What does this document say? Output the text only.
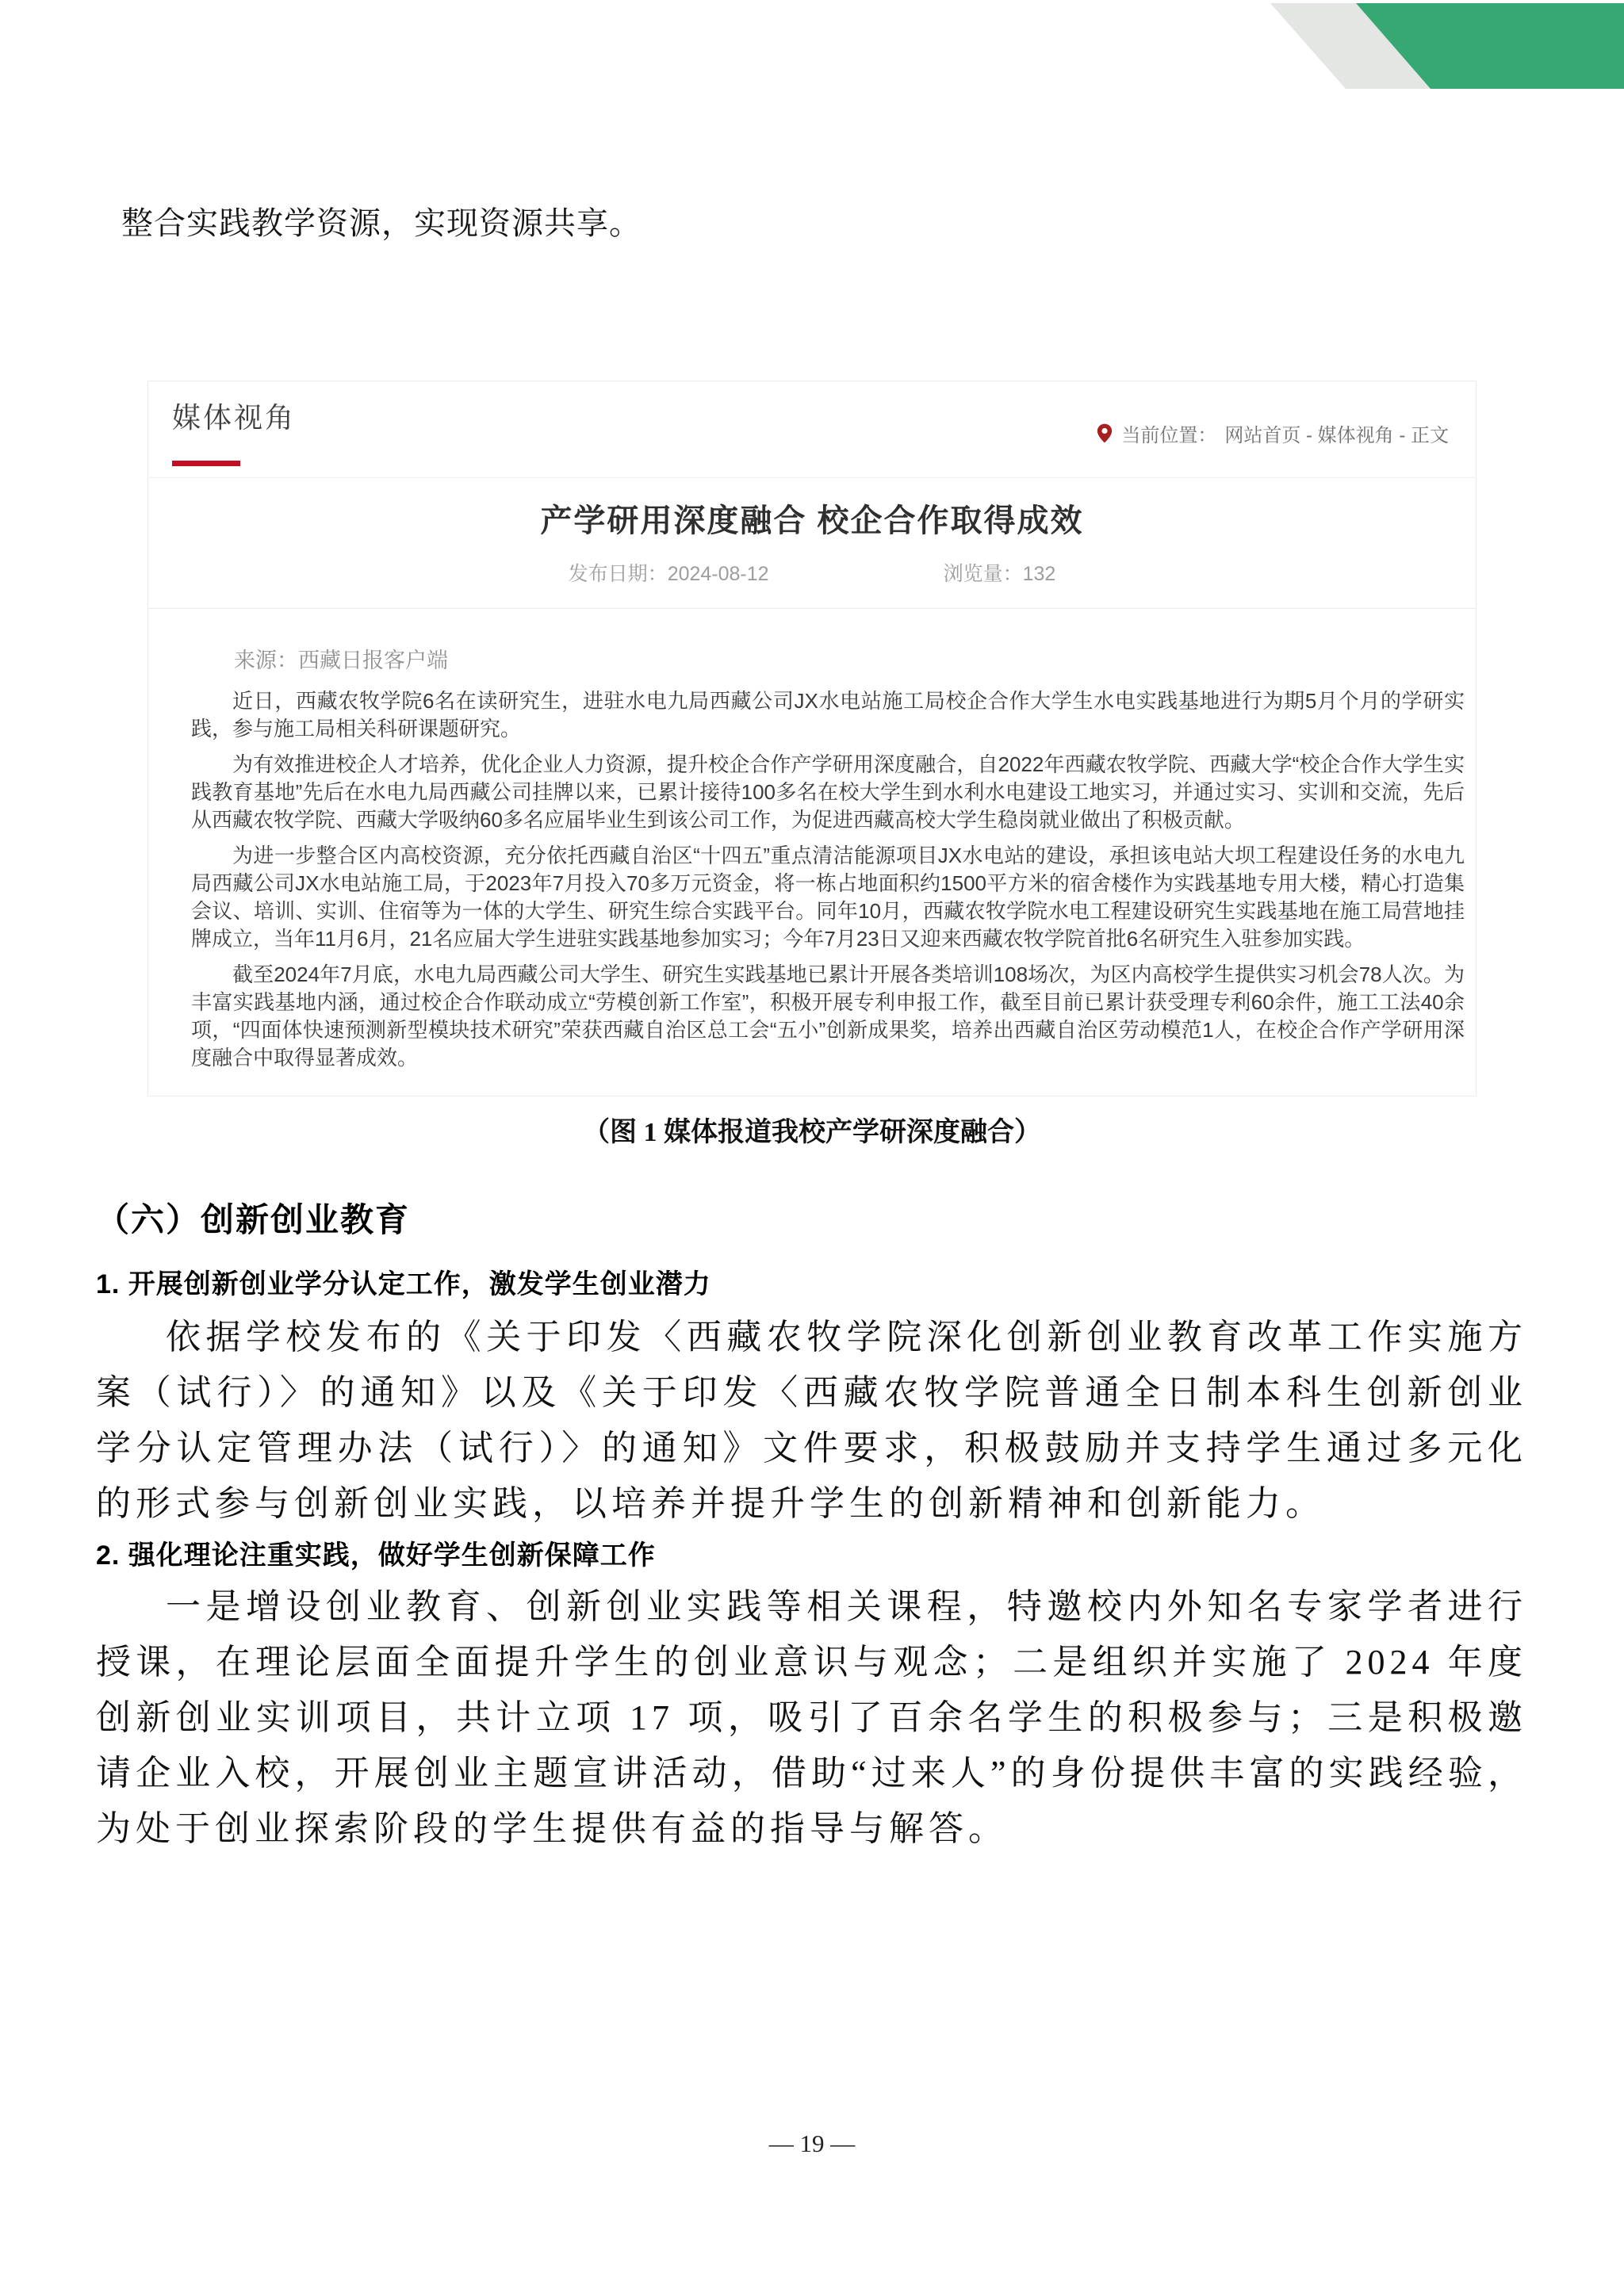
整合实践教学资源，实现资源共享。
媒体视角
当前位置： 网站首页 - 媒体视角 - 正文
产学研用深度融合 校企合作取得成效
发布日期：2024-08-12	浏览量：132

来源：西藏日报客户端

近日，西藏农牧学院6名在读研究生，进驻水电九局西藏公司JX水电站施工局校企合作大学生水电实践基地进行为期5月个月的学研实践，参与施工局相关科研课题研究。

为有效推进校企人才培养，优化企业人力资源，提升校企合作产学研用深度融合，自2022年西藏农牧学院、西藏大学“校企合作大学生实践教育基地”先后在水电九局西藏公司挂牌以来，已累计接待100多名在校大学生到水利水电建设工地实习，并通过实习、实训和交流，先后从西藏农牧学院、西藏大学吸纳60多名应届毕业生到该公司工作，为促进西藏高校大学生稳岗就业做出了积极贡献。

为进一步整合区内高校资源，充分依托西藏自治区“十四五”重点清洁能源项目JX水电站的建设，承担该电站大坝工程建设任务的水电九局西藏公司JX水电站施工局，于2023年7月投入70多万元资金，将一栋占地面积约1500平方米的宿舍楼作为实践基地专用大楼，精心打造集会议、培训、实训、住宿等为一体的大学生、研究生综合实践平台。同年10月，西藏农牧学院水电工程建设研究生实践基地在施工局营地挂牌成立，当年11月6月，21名应届大学生进驻实践基地参加实习；今年7月23日又迎来西藏农牧学院首批6名研究生入驻参加实践。

截至2024年7月底，水电九局西藏公司大学生、研究生实践基地已累计开展各类培训108场次，为区内高校学生提供实习机会78人次。为丰富实践基地内涵，通过校企合作联动成立“劳模创新工作室”，积极开展专利申报工作，截至目前已累计获受理专利60余件，施工工法40余项，“四面体快速预测新型模块技术研究”荣获西藏自治区总工会“五小”创新成果奖，培养出西藏自治区劳动模范1人，在校企合作产学研用深度融合中取得显著成效。

（图 1 媒体报道我校产学研深度融合）
（六）创新创业教育
1. 开展创新创业学分认定工作，激发学生创业潜力

依据学校发布的《关于印发〈西藏农牧学院深化创新创业教育改革工作实施方案（试行）〉的通知》以及《关于印发〈西藏农牧学院普通全日制本科生创新创业学分认定管理办法（试行）〉的通知》文件要求，积极鼓励并支持学生通过多元化的形式参与创新创业实践，以培养并提升学生的创新精神和创新能力。

2. 强化理论注重实践，做好学生创新保障工作

一是增设创业教育、创新创业实践等相关课程，特邀校内外知名专家学者进行授课，在理论层面全面提升学生的创业意识与观念；二是组织并实施了 2024 年度创新创业实训项目，共计立项 17 项，吸引了百余名学生的积极参与；三是积极邀请企业入校，开展创业主题宣讲活动，借助“过来人”的身份提供丰富的实践经验，为处于创业探索阶段的学生提供有益的指导与解答。

— 19 —
